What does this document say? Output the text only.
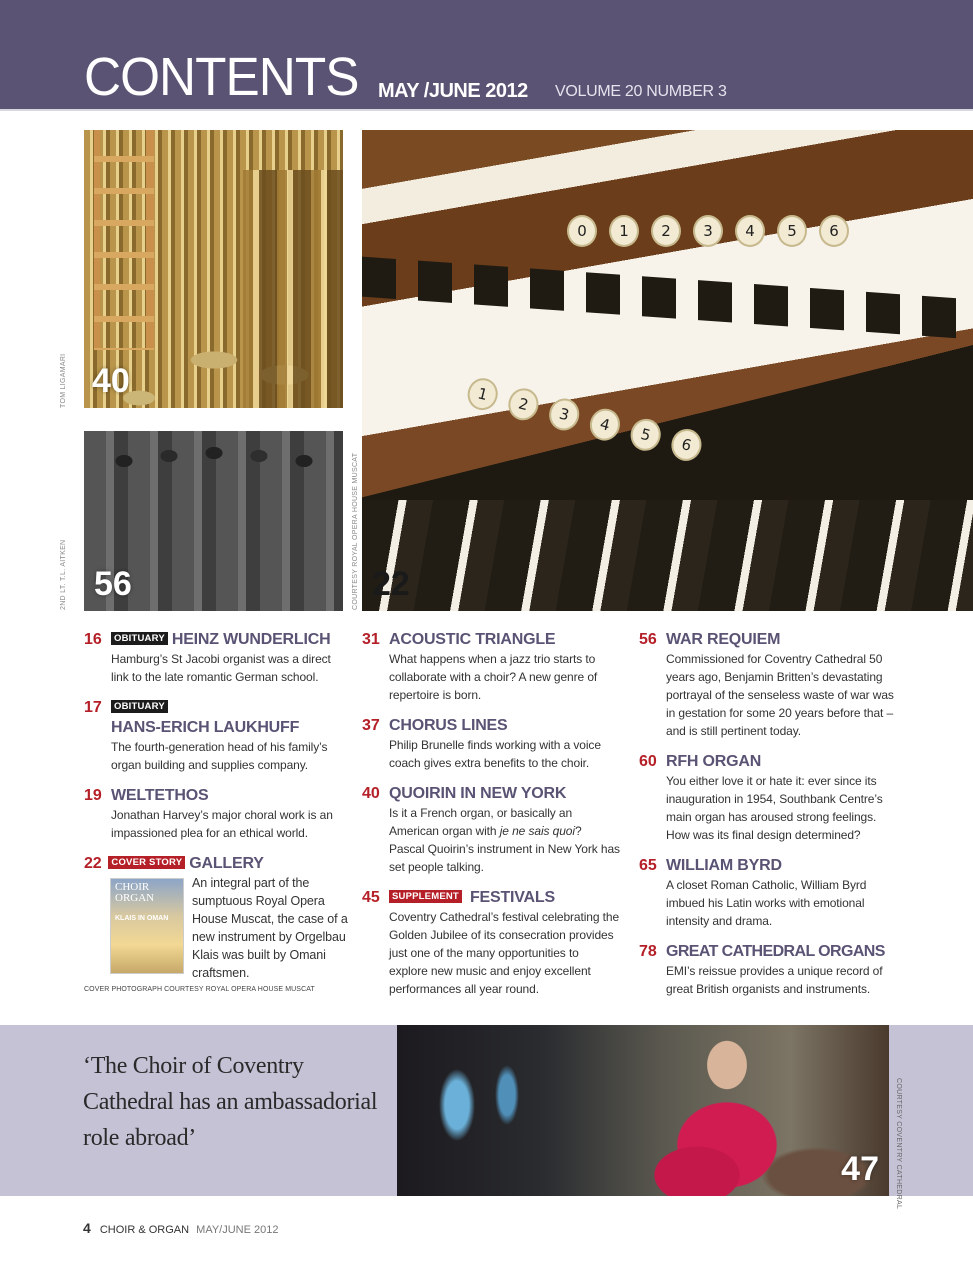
CONTENTS MAY /JUNE 2012 VOLUME 20 NUMBER 3
40
TOM LIGAMARI
56
2ND LT. T.L. AITKEN
0	1	2	3	4	5	6
1
2
3
4
5
6
22
COURTESY ROYAL OPERA HOUSE MUSCAT
16	OBITUARY HEINZ WUNDERLICH

Hamburg’s St Jacobi organist was a direct link to the late romantic German school.

17	OBITUARY
HANS-ERICH LAUKHUFF

The fourth-generation head of his family’s organ building and supplies company.

19 WELTETHOS

Jonathan Harvey’s major choral work is an impassioned plea for an ethical world.

22 COVER STORY GALLERY
CHOIR ORGAN
KLAIS IN OMAN

An integral part of the sumptuous Royal Opera House Muscat, the case of a new instrument by Orgelbau Klais was built by Omani craftsmen.

COVER PHOTOGRAPH COURTESY ROYAL OPERA HOUSE MUSCAT

31 ACOUSTIC TRIANGLE

What happens when a jazz trio starts to collaborate with a choir? A new genre of repertoire is born.

37 CHORUS LINES

Philip Brunelle finds working with a voice coach gives extra benefits to the choir.

40 QUOIRIN IN NEW YORK

Is it a French organ, or basically an American organ with je ne sais quoi? Pascal Quoirin’s instrument in New York has set people talking.

45	SUPPLEMENT FESTIVALS

Coventry Cathedral’s festival celebrating the Golden Jubilee of its consecration provides just one of the many opportunities to explore new music and enjoy excellent performances all year round.

56 WAR REQUIEM

Commissioned for Coventry Cathedral 50 years ago, Benjamin Britten’s devastating portrayal of the senseless waste of war was in gestation for some 20 years before that – and is still pertinent today.

60 RFH ORGAN

You either love it or hate it: ever since its inauguration in 1954, Southbank Centre’s main organ has aroused strong feelings. How was its final design determined?

65 WILLIAM BYRD

A closet Roman Catholic, William Byrd imbued his Latin works with emotional intensity and drama.

78 GREAT CATHEDRAL ORGANS

EMI’s reissue provides a unique record of great British organists and instruments.

‘The Choir of Coventry Cathedral has an ambassadorial role abroad’
47 COURTESY COVENTRY CATHEDRAL
4 CHOIR & ORGAN MAY/JUNE 2012
